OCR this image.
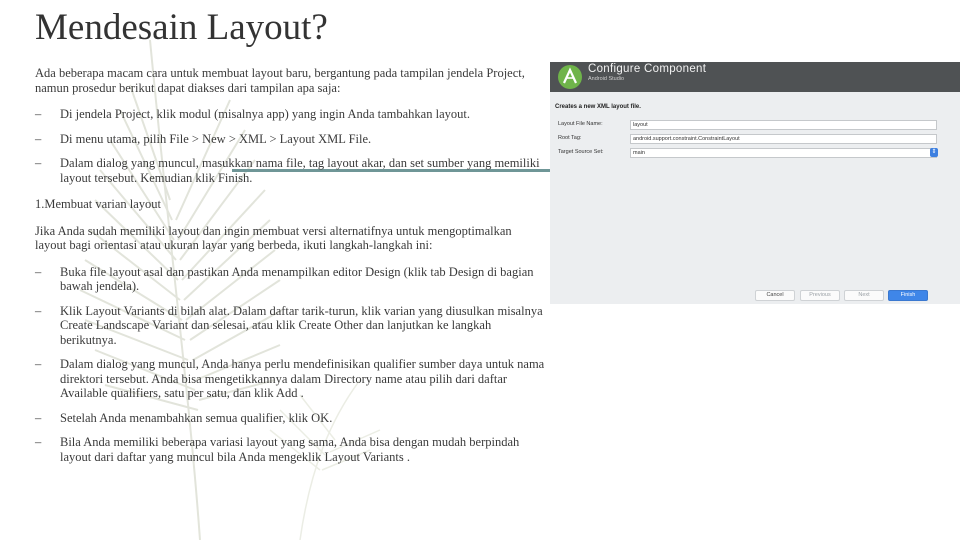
Mendesain Layout?

Ada beberapa macam cara untuk membuat layout baru, bergantung pada tampilan jendela Project, namun prosedur berikut dapat diakses dari tampilan apa saja:

– Di jendela Project, klik modul (misalnya app) yang ingin Anda tambahkan layout.
– Di menu utama, pilih File > New > XML > Layout XML File.
– Dalam dialog yang muncul, masukkan nama file, tag layout akar, dan set sumber yang memiliki layout tersebut. Kemudian klik Finish.

1.Membuat varian layout

Jika Anda sudah memiliki layout dan ingin membuat versi alternatifnya untuk mengoptimalkan layout bagi orientasi atau ukuran layar yang berbeda, ikuti langkah-langkah ini:

– Buka file layout asal dan pastikan Anda menampilkan editor Design (klik tab Design di bagian bawah jendela).
– Klik Layout Variants di bilah alat. Dalam daftar tarik-turun, klik varian yang diusulkan misalnya Create Landscape Variant dan selesai, atau klik Create Other dan lanjutkan ke langkah berikutnya.
– Dalam dialog yang muncul, Anda hanya perlu mendefinisikan qualifier sumber daya untuk nama direktori tersebut. Anda bisa mengetikkannya dalam Directory name atau pilih dari daftar Available qualifiers, satu per satu, dan klik Add .
– Setelah Anda menambahkan semua qualifier, klik OK.
– Bila Anda memiliki beberapa variasi layout yang sama, Anda bisa dengan mudah berpindah layout dari daftar yang muncul bila Anda mengeklik Layout Variants .
Configure Component
Android Studio
Creates a new XML layout file.
Layout File Name:	layout
Root Tag:	android.support.constraint.ConstraintLayout
Target Source Set:	main	⇕
Cancel	Previous	Next	Finish
